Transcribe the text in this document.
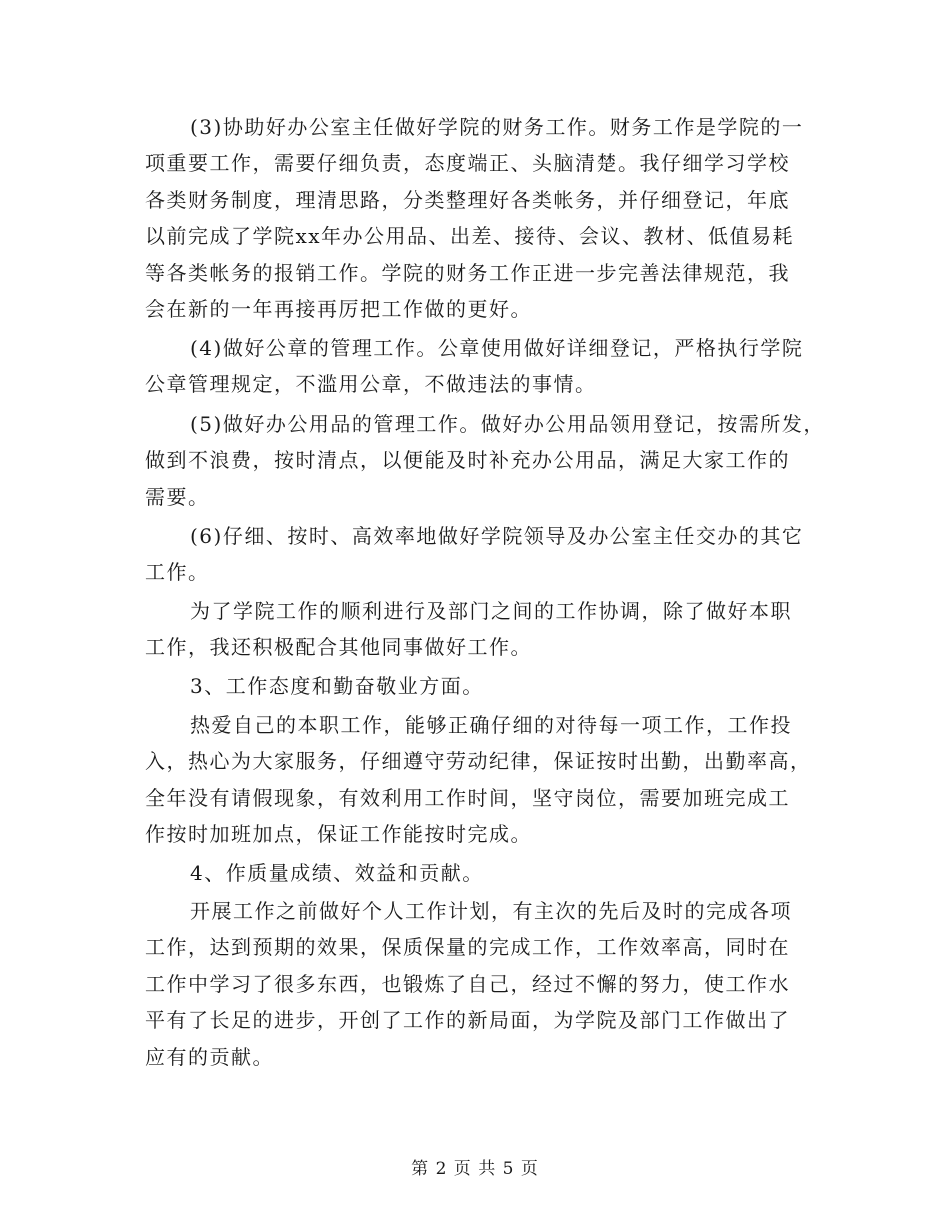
(3)协助好办公室主任做好学院的财务工作。财务工作是学院的一
项重要工作，需要仔细负责，态度端正、头脑清楚。我仔细学习学校
各类财务制度，理清思路，分类整理好各类帐务，并仔细登记，年底
以前完成了学院xx年办公用品、出差、接待、会议、教材、低值易耗
等各类帐务的报销工作。学院的财务工作正进一步完善法律规范，我
会在新的一年再接再厉把工作做的更好。
(4)做好公章的管理工作。公章使用做好详细登记，严格执行学院
公章管理规定，不滥用公章，不做违法的事情。
(5)做好办公用品的管理工作。做好办公用品领用登记，按需所发，
做到不浪费，按时清点，以便能及时补充办公用品，满足大家工作的
需要。
(6)仔细、按时、高效率地做好学院领导及办公室主任交办的其它
工作。
为了学院工作的顺利进行及部门之间的工作协调，除了做好本职
工作，我还积极配合其他同事做好工作。
3、工作态度和勤奋敬业方面。
热爱自己的本职工作，能够正确仔细的对待每一项工作，工作投
入，热心为大家服务，仔细遵守劳动纪律，保证按时出勤，出勤率高，
全年没有请假现象，有效利用工作时间，坚守岗位，需要加班完成工
作按时加班加点，保证工作能按时完成。
4、作质量成绩、效益和贡献。
开展工作之前做好个人工作计划，有主次的先后及时的完成各项
工作，达到预期的效果，保质保量的完成工作，工作效率高，同时在
工作中学习了很多东西，也锻炼了自己，经过不懈的努力，使工作水
平有了长足的进步，开创了工作的新局面，为学院及部门工作做出了
应有的贡献。
第 2 页 共 5 页
